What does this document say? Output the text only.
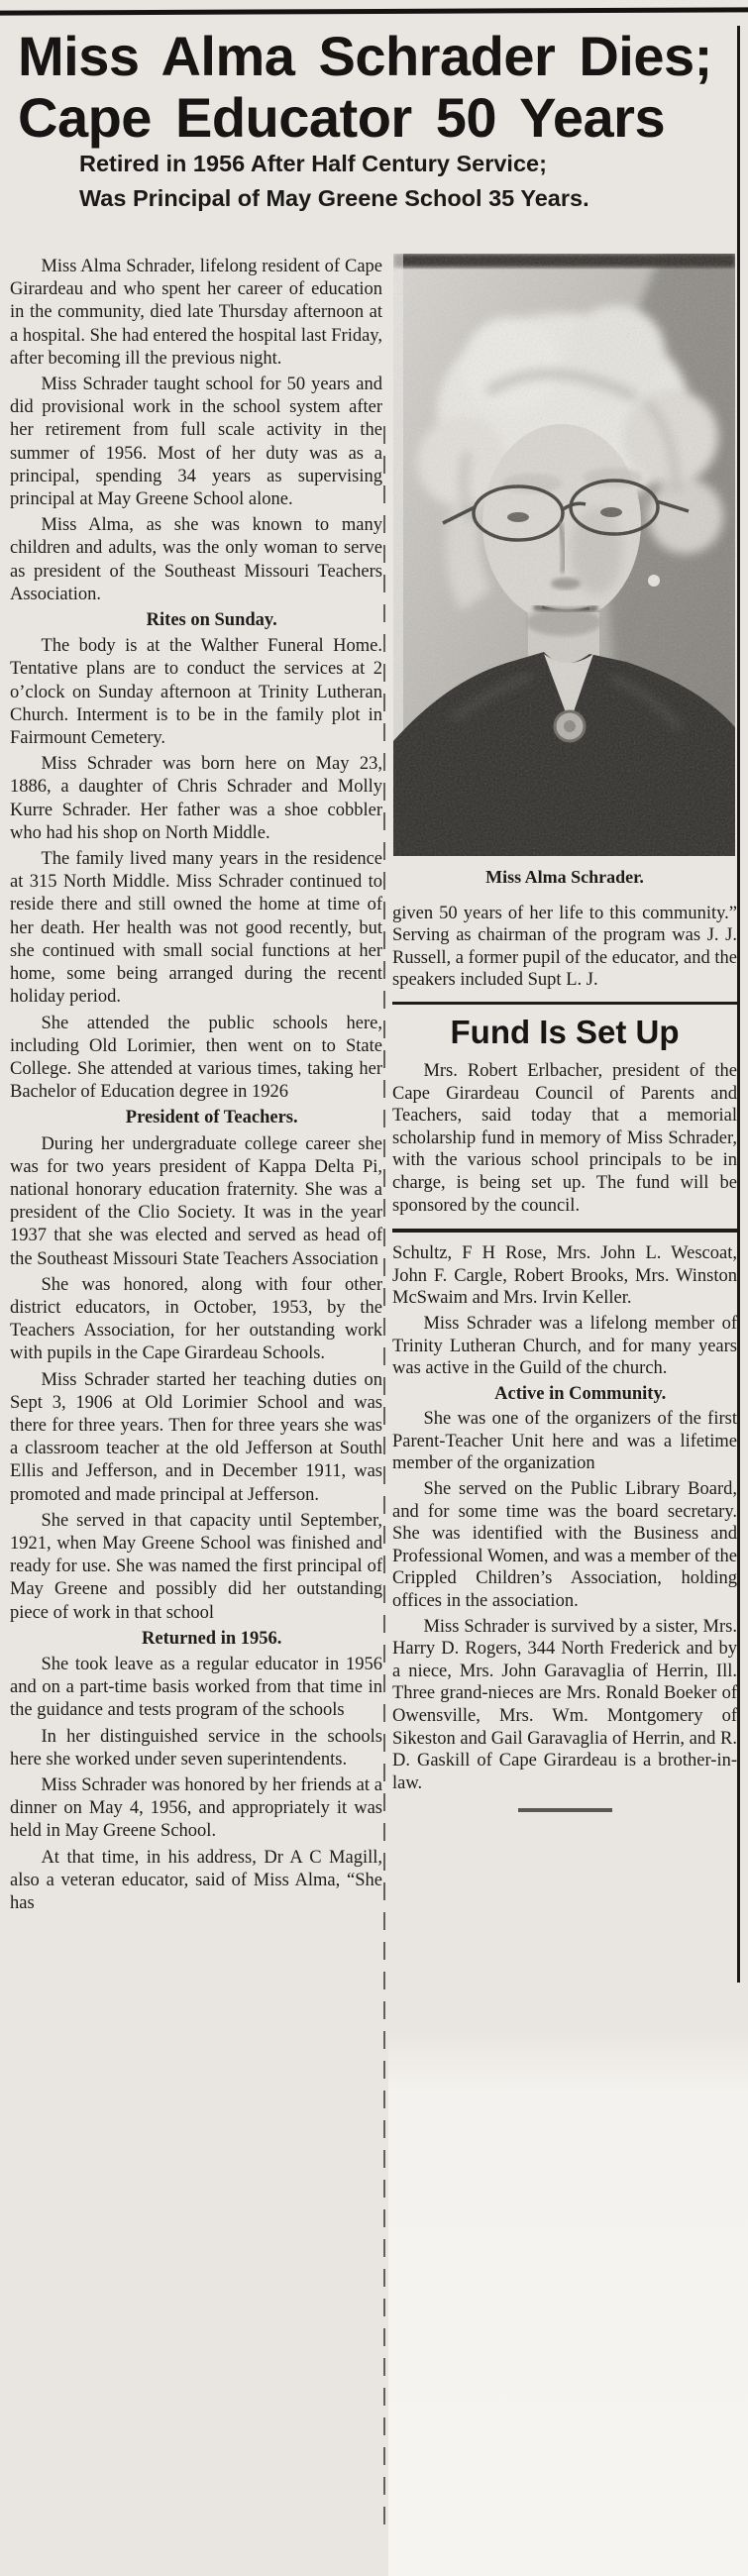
Miss Alma Schrader Dies;
Cape Educator 50 Years
Retired in 1956 After Half Century Service;
Was Principal of May Greene School 35 Years.

Miss Alma Schrader, lifelong resident of Cape Girardeau and who spent her career of education in the community, died late Thursday afternoon at a hospital. She had entered the hospital last Friday, after becoming ill the previous night.

Miss Schrader taught school for 50 years and did provisional work in the school system after her retirement from full scale activity in the summer of 1956. Most of her duty was as a principal, spending 34 years as supervising principal at May Greene School alone.

Miss Alma, as she was known to many children and adults, was the only woman to serve as president of the Southeast Missouri Teachers Association.

Rites on Sunday.

The body is at the Walther Funeral Home. Tentative plans are to conduct the services at 2 o’clock on Sunday afternoon at Trinity Lutheran Church. Interment is to be in the family plot in Fairmount Cemetery.

Miss Schrader was born here on May 23, 1886, a daughter of Chris Schrader and Molly Kurre Schrader. Her father was a shoe cobbler who had his shop on North Middle.

The family lived many years in the residence at 315 North Middle. Miss Schrader continued to reside there and still owned the home at time of her death. Her health was not good recently, but she continued with small social functions at her home, some being arranged during the recent holiday period.

She attended the public schools here, including Old Lorimier, then went on to State College. She attended at various times, taking her Bachelor of Education degree in 1926

President of Teachers.

During her undergraduate college career she was for two years president of Kappa Delta Pi, national honorary education fraternity. She was a president of the Clio Society. It was in the year 1937 that she was elected and served as head of the Southeast Missouri State Teachers Association

She was honored, along with four other district educators, in October, 1953, by the Teachers Association, for her outstanding work with pupils in the Cape Girardeau Schools.

Miss Schrader started her teaching duties on Sept 3, 1906 at Old Lorimier School and was there for three years. Then for three years she was a classroom teacher at the old Jefferson at South Ellis and Jefferson, and in December 1911, was promoted and made principal at Jefferson.

She served in that capacity until September, 1921, when May Greene School was finished and ready for use. She was named the first principal of May Greene and possibly did her outstanding piece of work in that school

Returned in 1956.

She took leave as a regular educator in 1956 and on a part-time basis worked from that time in the guidance and tests program of the schools

In her distinguished service in the schools here she worked under seven superintendents.

Miss Schrader was honored by her friends at a dinner on May 4, 1956, and appropriately it was held in May Greene School.

At that time, in his address, Dr A C Magill, also a veteran educator, said of Miss Alma, “She has

Miss Alma Schrader.

given 50 years of her life to this community.” Serving as chairman of the program was J. J. Russell, a former pupil of the educator, and the speakers included Supt L. J.

Fund Is Set Up

Mrs. Robert Erlbacher, president of the Cape Girardeau Council of Parents and Teachers, said today that a memorial scholarship fund in memory of Miss Schrader, with the various school principals to be in charge, is being set up. The fund will be sponsored by the council.

Schultz, F H Rose, Mrs. John L. Wescoat, John F. Cargle, Robert Brooks, Mrs. Winston McSwaim and Mrs. Irvin Keller.

Miss Schrader was a lifelong member of Trinity Lutheran Church, and for many years was active in the Guild of the church.

Active in Community.

She was one of the organizers of the first Parent-Teacher Unit here and was a lifetime member of the organization

She served on the Public Library Board, and for some time was the board secretary. She was identified with the Business and Professional Women, and was a member of the Crippled Children’s Association, holding offices in the association.

Miss Schrader is survived by a sister, Mrs. Harry D. Rogers, 344 North Frederick and by a niece, Mrs. John Garavaglia of Herrin, Ill. Three grand-nieces are Mrs. Ronald Boeker of Owensville, Mrs. Wm. Montgomery of Sikeston and Gail Garavaglia of Herrin, and R. D. Gaskill of Cape Girardeau is a brother-in-law.
